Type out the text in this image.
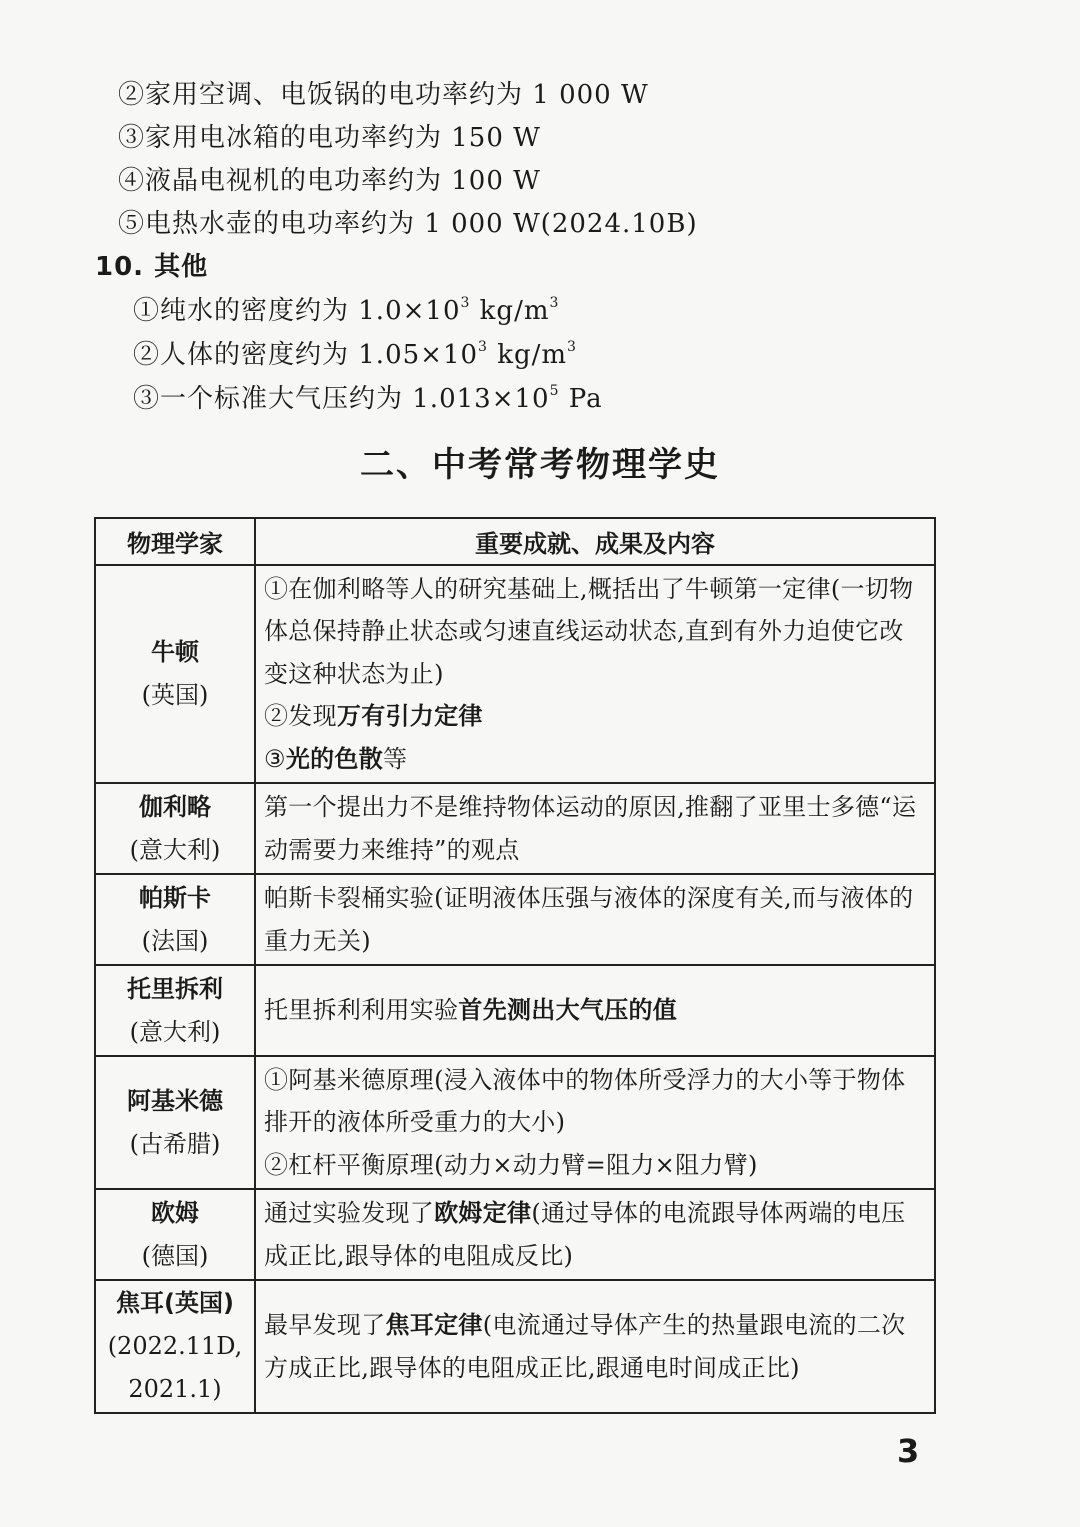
②家用空调、电饭锅的电功率约为 1 000 W
③家用电冰箱的电功率约为 150 W
④液晶电视机的电功率约为 100 W
⑤电热水壶的电功率约为 1 000 W(2024.10B)
10. 其他
①纯水的密度约为 $1.0\times 10^3$ $kg/m^3$
②人体的密度约为 $1.05\times 10^3$ $kg/m^3$
③一个标准大气压约为 $1.013\times 10^5$ Pa
二、中考常考物理学史
物理学家	重要成就、成果及内容

牛顿
(英国)	①在伽利略等人的研究基础上,概括出了牛顿第一定律(一切物体总保持静止状态或匀速直线运动状态,直到有外力迫使它改变这种状态为止)
②发现万有引力定律
③光的色散等

伽利略
(意大利)	第一个提出力不是维持物体运动的原因,推翻了亚里士多德“运动需要力来维持”的观点

帕斯卡
(法国)	帕斯卡裂桶实验(证明液体压强与液体的深度有关,而与液体的重力无关)

托里拆利
(意大利)	托里拆利利用实验首先测出大气压的值

阿基米德
(古希腊)	①阿基米德原理(浸入液体中的物体所受浮力的大小等于物体排开的液体所受重力的大小)
②杠杆平衡原理(动力×动力臂=阻力×阻力臂)

欧姆
(德国)	通过实验发现了欧姆定律(通过导体的电流跟导体两端的电压成正比,跟导体的电阻成反比)

焦耳(英国)
(2022.11D,
2021.1)	最早发现了焦耳定律(电流通过导体产生的热量跟电流的二次方成正比,跟导体的电阻成正比,跟通电时间成正比)
3
